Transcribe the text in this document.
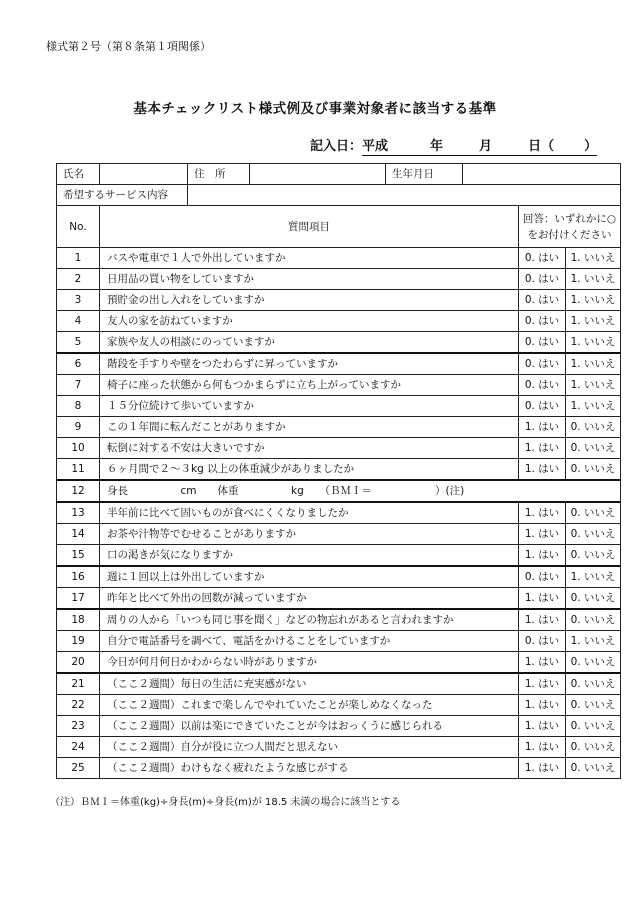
様式第２号（第８条第１項関係）
基本チェックリスト様式例及び事業対象者に該当する基準
記入日：平成	年	月	日（ ）
氏名		住　所		生年月日			
希望するサービス内容							
No.	質問項目					回答：いずれかに○
をお付けください	

1	バスや電車で１人で外出していますか					0. はい	1. いいえ
2	日用品の買い物をしていますか					0. はい	1. いいえ
3	預貯金の出し入れをしていますか					0. はい	1. いいえ
4	友人の家を訪ねていますか					0. はい	1. いいえ
5	家族や友人の相談にのっていますか					0. はい	1. いいえ
6	階段を手すりや壁をつたわらずに昇っていますか					0. はい	1. いいえ
7	椅子に座った状態から何もつかまらずに立ち上がっていますか					0. はい	1. いいえ
8	１５分位続けて歩いていますか					0. はい	1. いいえ
9	この１年間に転んだことがありますか					1. はい	0. いいえ
10	転倒に対する不安は大きいですか					1. はい	0. いいえ
11	６ヶ月間で２～３kg 以上の体重減少がありましたか					1. はい	0. いいえ
12	身長　　　　　cm　　体重　　　　　kg　　（ＢＭＩ＝　　　　　　）(注)						
13	半年前に比べて固いものが食べにくくなりましたか					1. はい	0. いいえ
14	お茶や汁物等でむせることがありますか					1. はい	0. いいえ
15	口の渇きが気になりますか					1. はい	0. いいえ
16	週に１回以上は外出していますか					0. はい	1. いいえ
17	昨年と比べて外出の回数が減っていますか					1. はい	0. いいえ
18	周りの人から「いつも同じ事を聞く」などの物忘れがあると言われますか					1. はい	0. いいえ
19	自分で電話番号を調べて、電話をかけることをしていますか					0. はい	1. いいえ
20	今日が何月何日かわからない時がありますか					1. はい	0. いいえ
21	（ここ２週間）毎日の生活に充実感がない					1. はい	0. いいえ
22	（ここ２週間）これまで楽しんでやれていたことが楽しめなくなった					1. はい	0. いいえ
23	（ここ２週間）以前は楽にできていたことが今はおっくうに感じられる					1. はい	0. いいえ
24	（ここ２週間）自分が役に立つ人間だと思えない					1. はい	0. いいえ
25	（ここ２週間）わけもなく疲れたような感じがする					1. はい	0. いいえ
（注）ＢＭＩ＝体重(kg)÷身長(m)÷身長(m)が 18.5 未満の場合に該当とする
